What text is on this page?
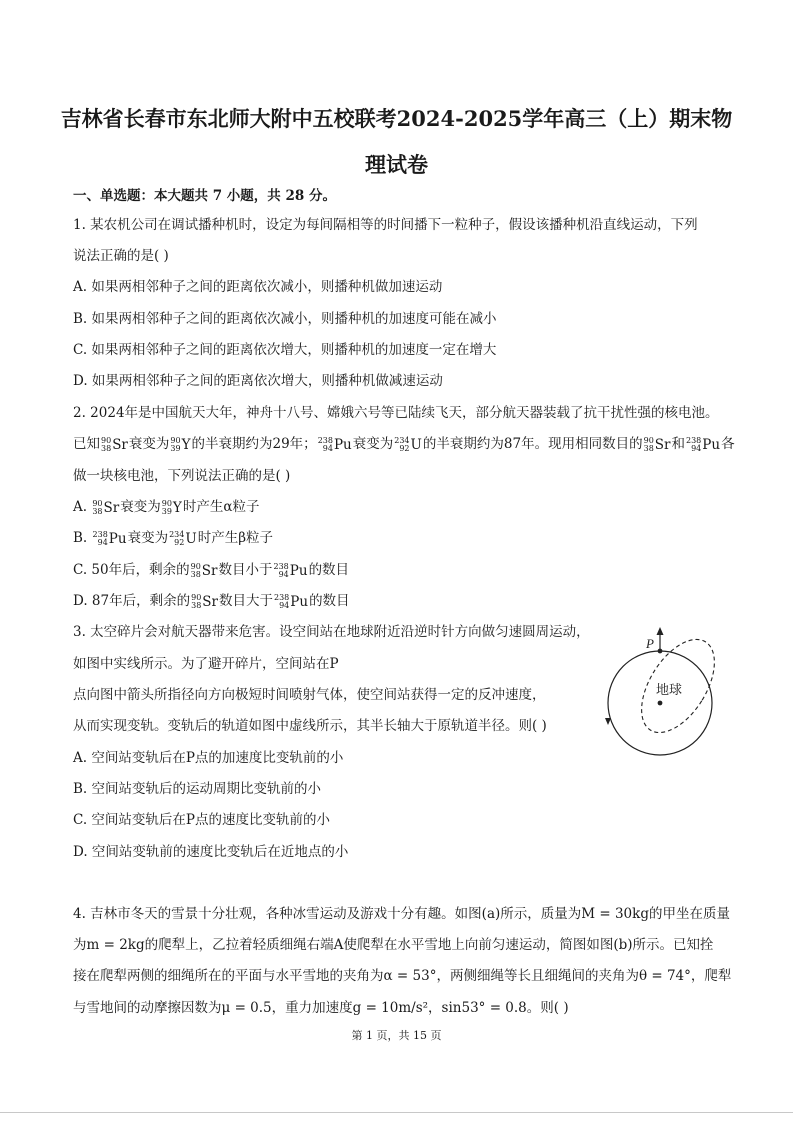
吉林省长春市东北师大附中五校联考2024-2025学年高三（上）期末物
理试卷
一、单选题：本大题共 7 小题，共 28 分。
1. 某农机公司在调试播种机时，设定为每间隔相等的时间播下一粒种子，假设该播种机沿直线运动，下列
说法正确的是( )
A. 如果两相邻种子之间的距离依次减小，则播种机做加速运动
B. 如果两相邻种子之间的距离依次减小，则播种机的加速度可能在减小
C. 如果两相邻种子之间的距离依次增大，则播种机的加速度一定在增大
D. 如果两相邻种子之间的距离依次增大，则播种机做减速运动
2. 2024年是中国航天大年，神舟十八号、嫦娥六号等已陆续飞天，部分航天器装载了抗干扰性强的核电池。
已知 90
38 Sr 衰变为 90
39 Y 的半衰期约为29年； 238
94 Pu 衰变为 234
92 U 的半衰期约为87年。现用相同数目的 90
38 Sr 和 238
94 Pu 各
做一块核电池，下列说法正确的是( )
A. 90
38 Sr 衰变为 90
39 Y 时产生α粒子
B. 238
94 Pu 衰变为 234
92 U 时产生β粒子
C. 50年后，剩余的 90
38 Sr 数目小于 238
94 Pu 的数目
D. 87年后，剩余的 90
38 Sr 数目大于 238
94 Pu 的数目
3. 太空碎片会对航天器带来危害。设空间站在地球附近沿逆时针方向做匀速圆周运动，
如图中实线所示。为了避开碎片，空间站在P
点向图中箭头所指径向方向极短时间喷射气体，使空间站获得一定的反冲速度，
从而实现变轨。变轨后的轨道如图中虚线所示，其半长轴大于原轨道半径。则( )
A. 空间站变轨后在P点的加速度比变轨前的小
B. 空间站变轨后的运动周期比变轨前的小
C. 空间站变轨后在P点的速度比变轨前的小
D. 空间站变轨前的速度比变轨后在近地点的小
P
地球
4. 吉林市冬天的雪景十分壮观，各种冰雪运动及游戏十分有趣。如图(a)所示，质量为M = 30kg的甲坐在质量
为m = 2kg的爬犁上，乙拉着轻质细绳右端A使爬犁在水平雪地上向前匀速运动，简图如图(b)所示。已知拴
接在爬犁两侧的细绳所在的平面与水平雪地的夹角为α = 53°，两侧细绳等长且细绳间的夹角为θ = 74°，爬犁
与雪地间的动摩擦因数为μ = 0.5，重力加速度g = 10m/s²，sin53° = 0.8。则( )
第 1 页，共 15 页
